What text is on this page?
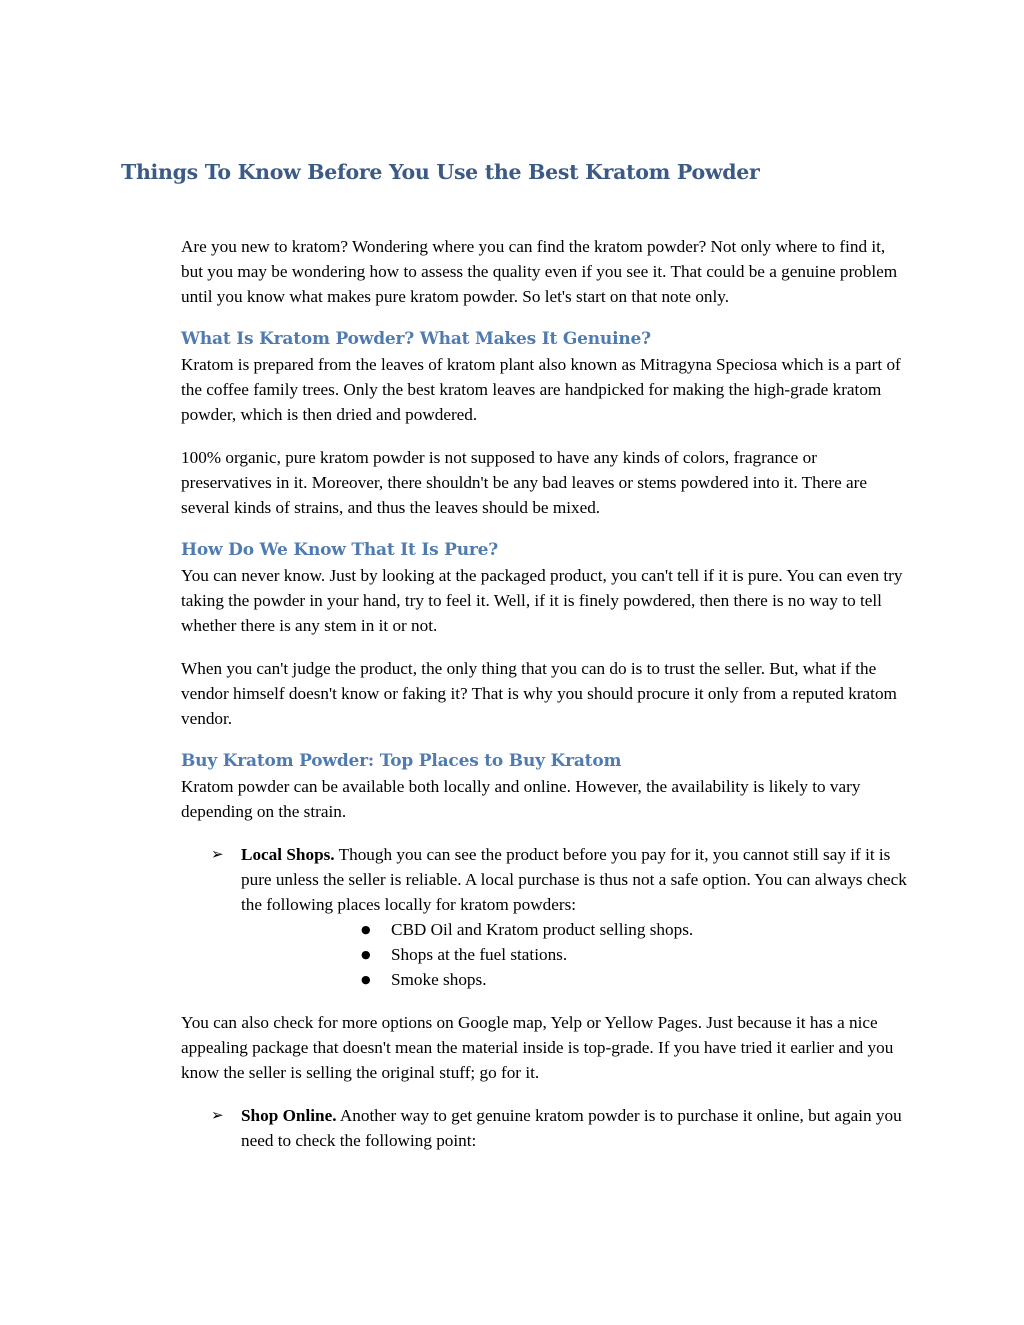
Things To Know Before You Use the Best Kratom Powder

Are you new to kratom? Wondering where you can find the kratom powder? Not only where to find it, but you may be wondering how to assess the quality even if you see it. That could be a genuine problem until you know what makes pure kratom powder. So let's start on that note only.

What Is Kratom Powder? What Makes It Genuine?

Kratom is prepared from the leaves of kratom plant also known as Mitragyna Speciosa which is a part of the coffee family trees. Only the best kratom leaves are handpicked for making the high-grade kratom powder, which is then dried and powdered.

100% organic, pure kratom powder is not supposed to have any kinds of colors, fragrance or preservatives in it. Moreover, there shouldn't be any bad leaves or stems powdered into it. There are several kinds of strains, and thus the leaves should be mixed.

How Do We Know That It Is Pure?

You can never know. Just by looking at the packaged product, you can't tell if it is pure. You can even try taking the powder in your hand, try to feel it. Well, if it is finely powdered, then there is no way to tell whether there is any stem in it or not.

When you can't judge the product, the only thing that you can do is to trust the seller. But, what if the vendor himself doesn't know or faking it? That is why you should procure it only from a reputed kratom vendor.

Buy Kratom Powder: Top Places to Buy Kratom

Kratom powder can be available both locally and online. However, the availability is likely to vary depending on the strain.

➢ Local Shops. Though you can see the product before you pay for it, you cannot still say if it is pure unless the seller is reliable. A local purchase is thus not a safe option. You can always check the following places locally for kratom powders:

● CBD Oil and Kratom product selling shops.
● Shops at the fuel stations.
● Smoke shops.

You can also check for more options on Google map, Yelp or Yellow Pages. Just because it has a nice appealing package that doesn't mean the material inside is top-grade. If you have tried it earlier and you know the seller is selling the original stuff; go for it.

➢ Shop Online. Another way to get genuine kratom powder is to purchase it online, but again you need to check the following point:
